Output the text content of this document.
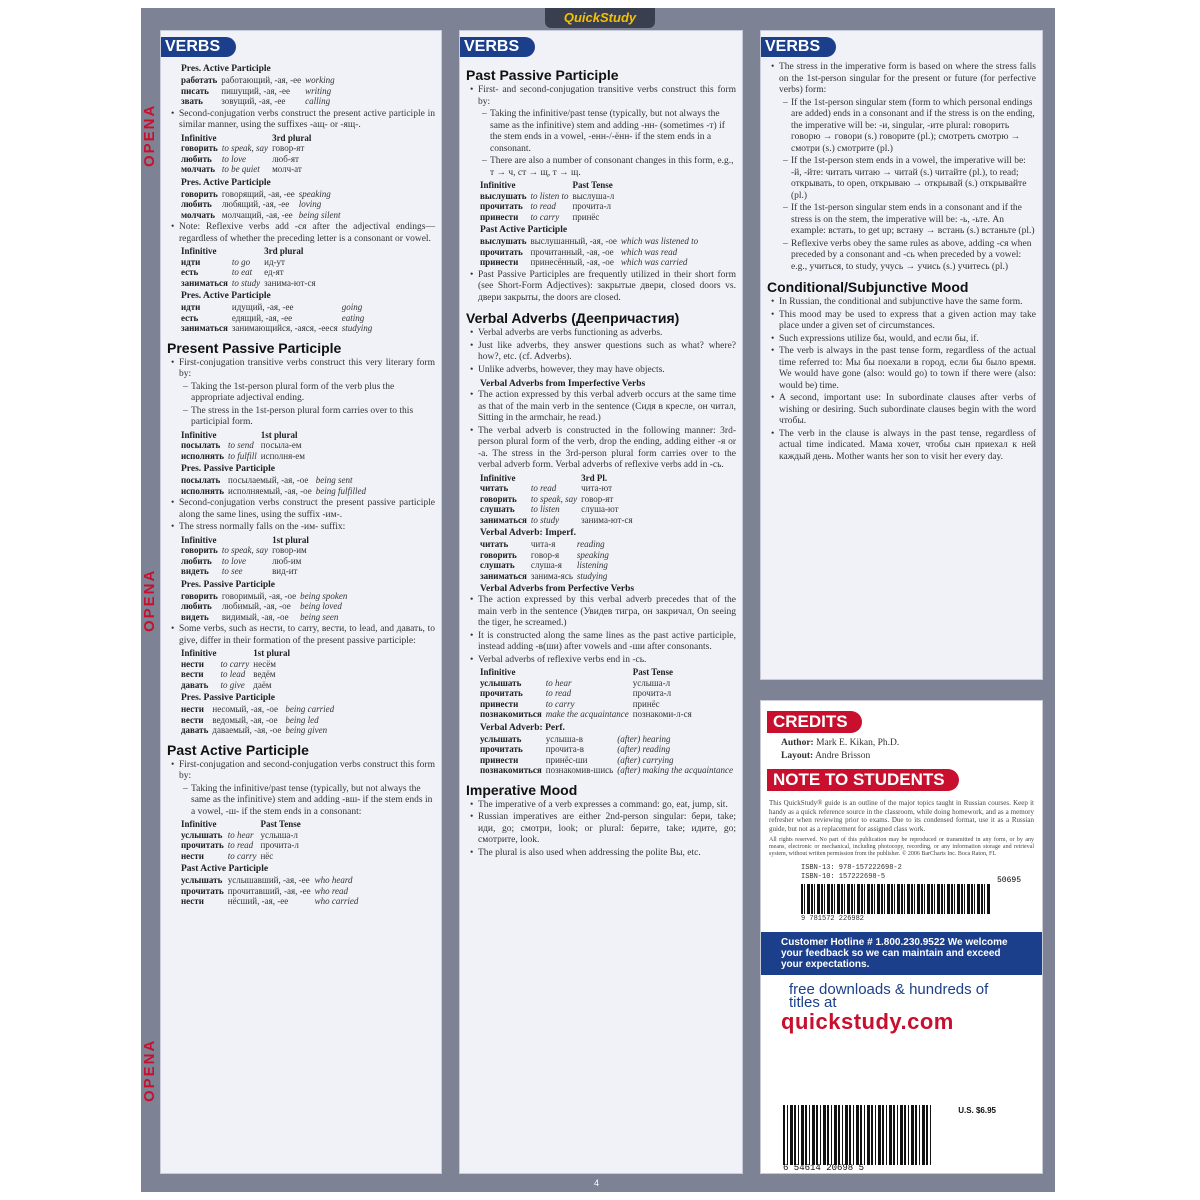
QuickStudy
OPENA
OPENA
OPENA
VERBS
Pres. Active Participle
работать	работающий, -ая, -ее	working
писать	пишущий, -ая, -ее	writing
звать	зовущий, -ая, -ее	calling

• Second-conjugation verbs construct the present active participle in similar manner, using the suffixes -ащ- or -ящ-.

Infinitive		3rd plural
говорить	to speak, say	говор-ят
любить	to love	люб-ят
молчать	to be quiet	молч-ат
Pres. Active Participle
говорить	говорящий, -ая, -ее	speaking
любить	любящий, -ая, -ее	loving
молчать	молчащий, -ая, -ее	being silent

• Note: Reflexive verbs add -ся after the adjectival endings—regardless of whether the preceding letter is a consonant or vowel.

Infinitive		3rd plural
идти	to go	ид-ут
есть	to eat	ед-ят
заниматься	to study	занима-ют-ся
Pres. Active Participle
идти	идущий, -ая, -ее	going
есть	едящий, -ая, -ее	eating
заниматься	занимающийся, -аяся, -ееся	studying
Present Passive Participle

• First-conjugation transitive verbs construct this very literary form by:

– Taking the 1st-person plural form of the verb plus the appropriate adjectival ending.

– The stress in the 1st-person plural form carries over to this participial form.

Infinitive		1st plural
посылать	to send	посыла-ем
исполнять	to fulfill	исполня-ем
Pres. Passive Participle
посылать	посылаемый, -ая, -ое	being sent
исполнять	исполняемый, -ая, -ое	being fulfilled

• Second-conjugation verbs construct the present passive participle along the same lines, using the suffix -им-.

• The stress normally falls on the -им- suffix:

Infinitive		1st plural
говорить	to speak, say	говор-им
любить	to love	люб-им
видеть	to see	вид-ит
Pres. Passive Participle
говорить	говоримый, -ая, -ое	being spoken
любить	любимый, -ая, -ое	being loved
видеть	видимый, -ая, -ое	being seen

• Some verbs, such as нести, to carry, вести, to lead, and давать, to give, differ in their formation of the present passive participle:

Infinitive		1st plural
нести	to carry	несём
вести	to lead	ведём
давать	to give	даём
Pres. Passive Participle
нести	несомый, -ая, -ое	being carried
вести	ведомый, -ая, -ое	being led
давать	даваемый, -ая, -ое	being given
Past Active Participle

• First-conjugation and second-conjugation verbs construct this form by:

– Taking the infinitive/past tense (typically, but not always the same as the infinitive) stem and adding -вш- if the stem ends in a vowel, -ш- if the stem ends in a consonant:

Infinitive		Past Tense
услышать	to hear	услыша-л
прочитать	to read	прочита-л
нести	to carry	нёс
Past Active Participle
услышать	услышавший, -ая, -ее	who heard
прочитать	прочитавший, -ая, -ее	who read
нести	нёсший, -ая, -ее	who carried
VERBS
Past Passive Participle

• First- and second-conjugation transitive verbs construct this form by:

– Taking the infinitive/past tense (typically, but not always the same as the infinitive) stem and adding -нн- (sometimes -т) if the stem ends in a vowel, -енн-/-ённ- if the stem ends in a consonant.

– There are also a number of consonant changes in this form, e.g., т → ч, ст → щ, т → щ.

Infinitive		Past Tense
выслушать	to listen to	выслуша-л
прочитать	to read	прочита-л
принести	to carry	принёс
Past Active Participle
выслушать	выслушанный, -ая, -ое	which was listened to
прочитать	прочитанный, -ая, -ое	which was read
принести	принесённый, -ая, -ое	which was carried

• Past Passive Participles are frequently utilized in their short form (see Short-Form Adjectives): закрытые двери, closed doors vs. двери закрыты, the doors are closed.

Verbal Adverbs (Деепричастия)

• Verbal adverbs are verbs functioning as adverbs.

• Just like adverbs, they answer questions such as what? where? how?, etc. (cf. Adverbs).

• Unlike adverbs, however, they may have objects.

Verbal Adverbs from Imperfective Verbs

• The action expressed by this verbal adverb occurs at the same time as that of the main verb in the sentence (Сидя в кресле, он читал, Sitting in the armchair, he read.)

• The verbal adverb is constructed in the following manner: 3rd-person plural form of the verb, drop the ending, adding either -я or -а. The stress in the 3rd-person plural form carries over to the verbal adverb form. Verbal adverbs of reflexive verbs add in -сь.

Infinitive		3rd Pl.
читать	to read	чита-ют
говорить	to speak, say	говор-ят
слушать	to listen	слуша-ют
заниматься	to study	занима-ют-ся
Verbal Adverb: Imperf.
читать	чита-я	reading
говорить	говор-я	speaking
слушать	слуша-я	listening
заниматься	занима-ясь	studying
Verbal Adverbs from Perfective Verbs

• The action expressed by this verbal adverb precedes that of the main verb in the sentence (Увидев тигра, он закричал, On seeing the tiger, he screamed.)

• It is constructed along the same lines as the past active participle, instead adding -в(ши) after vowels and -ши after consonants.

• Verbal adverbs of reflexive verbs end in -сь.

Infinitive		Past Tense
услышать	to hear	услыша-л
прочитать	to read	прочита-л
принести	to carry	принёс
познакомиться	make the acquaintance	познакоми-л-ся
Verbal Adverb: Perf.
услышать	услыша-в	(after) hearing
прочитать	прочита-в	(after) reading
принести	принёс-ши	(after) carrying
познакомиться	познакомив-шись	(after) making the acquaintance
Imperative Mood

• The imperative of a verb expresses a command: go, eat, jump, sit.

• Russian imperatives are either 2nd-person singular: бери, take; иди, go; смотри, look; or plural: берите, take; идите, go; смотрите, look.

• The plural is also used when addressing the polite Вы, etc.

VERBS

• The stress in the imperative form is based on where the stress falls on the 1st-person singular for the present or future (for perfective verbs) form:

– If the 1st-person singular stem (form to which personal endings are added) ends in a consonant and if the stress is on the ending, the imperative will be: -и, singular, -ите plural: говорить говорю → говори (s.) говорите (pl.); смотреть смотрю → смотри (s.) смотрите (pl.)

– If the 1st-person stem ends in a vowel, the imperative will be: -й, -йте: читать читаю → читай (s.) читайте (pl.), to read; открывать, to open, открываю → открывай (s.) открывайте (pl.)

– If the 1st-person singular stem ends in a consonant and if the stress is on the stem, the imperative will be: -ь, -ьте. An example: встать, to get up; встану → встань (s.) встаньте (pl.)

– Reflexive verbs obey the same rules as above, adding -ся when preceded by a consonant and -сь when preceded by a vowel: e.g., учиться, to study, учусь → учись (s.) учитесь (pl.)

Conditional/Subjunctive Mood

• In Russian, the conditional and subjunctive have the same form.

• This mood may be used to express that a given action may take place under a given set of circumstances.

• Such expressions utilize бы, would, and если бы, if.

• The verb is always in the past tense form, regardless of the actual time referred to: Мы бы поехали в город, если бы было время. We would have gone (also: would go) to town if there were (also: would be) time.

• A second, important use: In subordinate clauses after verbs of wishing or desiring. Such subordinate clauses begin with the word чтобы.

• The verb in the clause is always in the past tense, regardless of actual time indicated. Мама хочет, чтобы сын приехал к ней каждый день. Mother wants her son to visit her every day.

CREDITS
Author: Mark E. Kikan, Ph.D.
Layout: Andre Brisson
NOTE TO STUDENTS
This QuickStudy® guide is an outline of the major topics taught in Russian courses. Keep it handy as a quick reference source in the classroom, while doing homework, and as a memory refresher when reviewing prior to exams. Due to its condensed format, use it as a Russian guide, but not as a replacement for assigned class work.
All rights reserved. No part of this publication may be reproduced or transmitted in any form, or by any means, electronic or mechanical, including photocopy, recording, or any information storage and retrieval system, without written permission from the publisher. © 2006 BarCharts Inc. Boca Raton, FL
ISBN-13: 978-157222698-2
ISBN-10: 157222698-5	50695
9 781572 226982
Customer Hotline # 1.800.230.9522 We welcome your feedback so we can maintain and exceed your expectations.
free downloads & hundreds of titles at
quickstudy.com
U.S. $6.95
6 54614 20698 5
4
